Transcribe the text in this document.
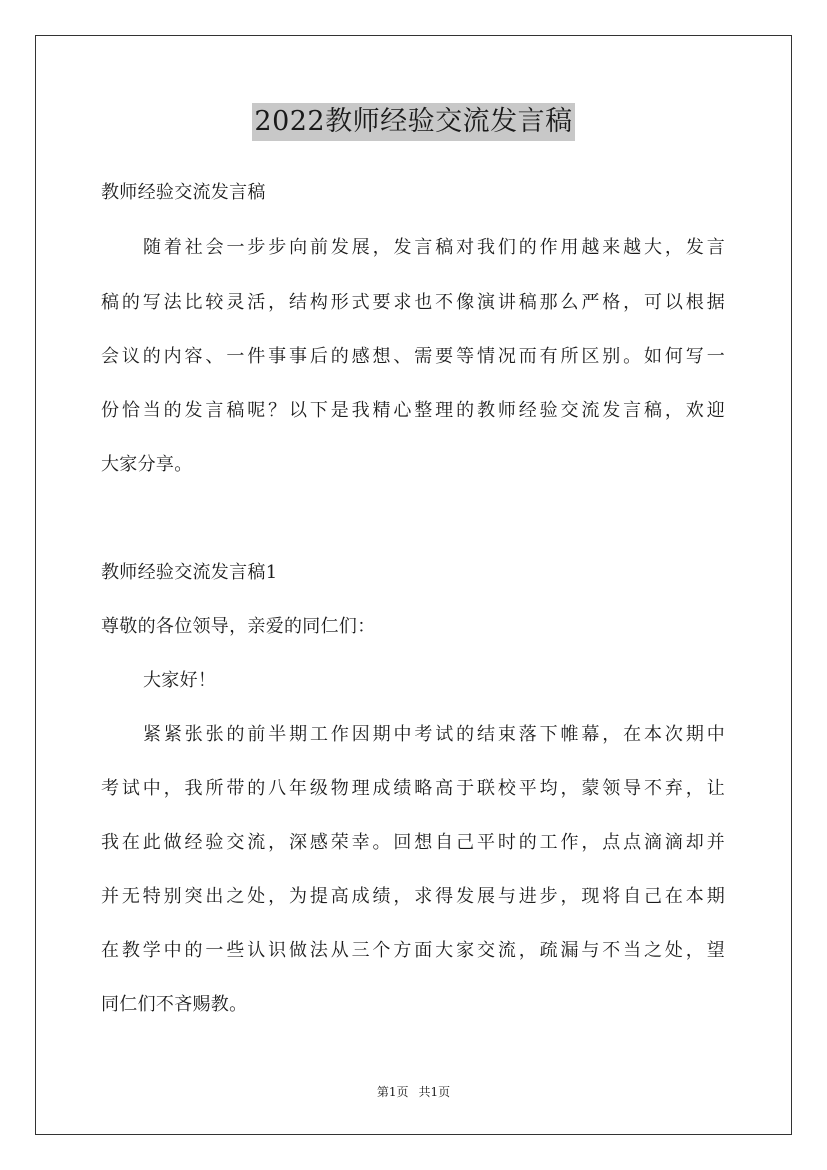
2022教师经验交流发言稿
教师经验交流发言稿
随着社会一步步向前发展，发言稿对我们的作用越来越大，发言
稿的写法比较灵活，结构形式要求也不像演讲稿那么严格，可以根据
会议的内容、一件事事后的感想、需要等情况而有所区别。如何写一
份恰当的发言稿呢？以下是我精心整理的教师经验交流发言稿，欢迎
大家分享。
教师经验交流发言稿1
尊敬的各位领导，亲爱的同仁们：
大家好！
紧紧张张的前半期工作因期中考试的结束落下帷幕，在本次期中
考试中，我所带的八年级物理成绩略高于联校平均，蒙领导不弃，让
我在此做经验交流，深感荣幸。回想自己平时的工作，点点滴滴却并
并无特别突出之处，为提高成绩，求得发展与进步，现将自己在本期
在教学中的一些认识做法从三个方面大家交流，疏漏与不当之处，望
同仁们不吝赐教。
第1页 共1页
